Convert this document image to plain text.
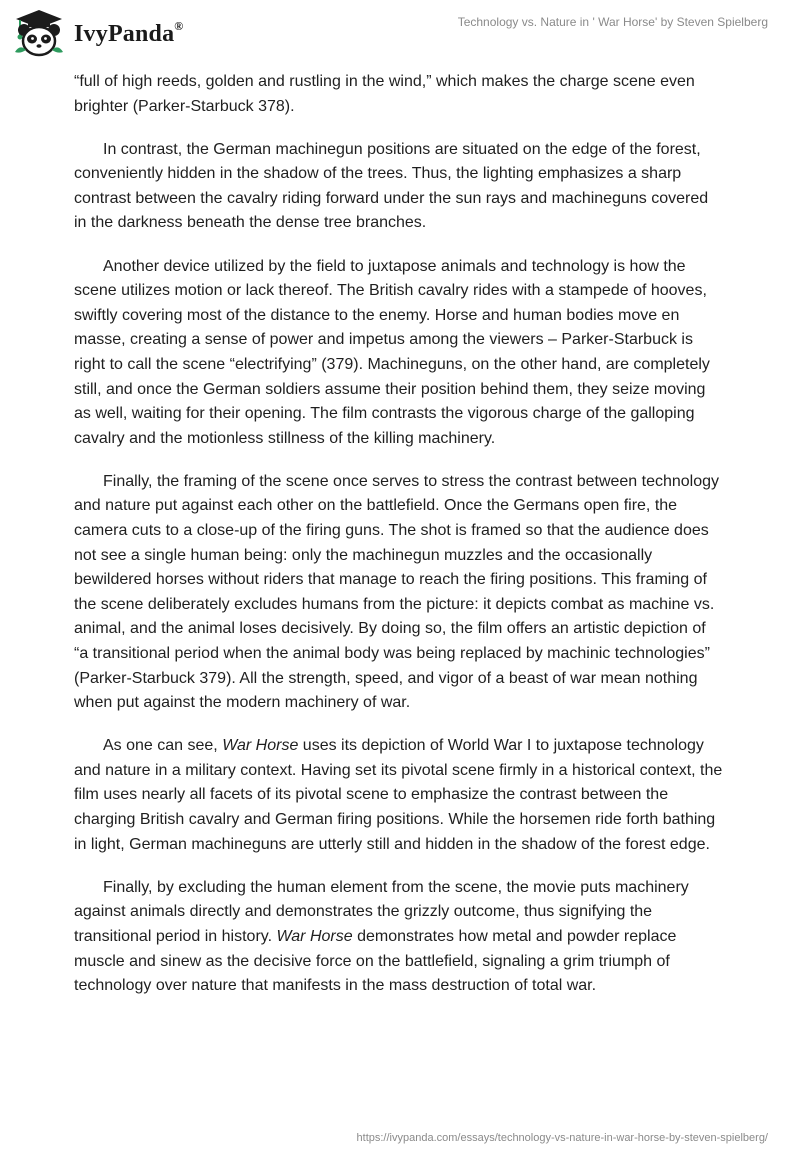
IvyPanda®	Technology vs. Nature in ' War Horse' by Steven Spielberg

“full of high reeds, golden and rustling in the wind,” which makes the charge scene even brighter (Parker-Starbuck 378).

In contrast, the German machinegun positions are situated on the edge of the forest, conveniently hidden in the shadow of the trees. Thus, the lighting emphasizes a sharp contrast between the cavalry riding forward under the sun rays and machineguns covered in the darkness beneath the dense tree branches.

Another device utilized by the field to juxtapose animals and technology is how the scene utilizes motion or lack thereof. The British cavalry rides with a stampede of hooves, swiftly covering most of the distance to the enemy. Horse and human bodies move en masse, creating a sense of power and impetus among the viewers – Parker-Starbuck is right to call the scene “electrifying” (379). Machineguns, on the other hand, are completely still, and once the German soldiers assume their position behind them, they seize moving as well, waiting for their opening. The film contrasts the vigorous charge of the galloping cavalry and the motionless stillness of the killing machinery.

Finally, the framing of the scene once serves to stress the contrast between technology and nature put against each other on the battlefield. Once the Germans open fire, the camera cuts to a close-up of the firing guns. The shot is framed so that the audience does not see a single human being: only the machinegun muzzles and the occasionally bewildered horses without riders that manage to reach the firing positions. This framing of the scene deliberately excludes humans from the picture: it depicts combat as machine vs. animal, and the animal loses decisively. By doing so, the film offers an artistic depiction of “a transitional period when the animal body was being replaced by machinic technologies” (Parker-Starbuck 379). All the strength, speed, and vigor of a beast of war mean nothing when put against the modern machinery of war.

As one can see, War Horse uses its depiction of World War I to juxtapose technology and nature in a military context. Having set its pivotal scene firmly in a historical context, the film uses nearly all facets of its pivotal scene to emphasize the contrast between the charging British cavalry and German firing positions. While the horsemen ride forth bathing in light, German machineguns are utterly still and hidden in the shadow of the forest edge.

Finally, by excluding the human element from the scene, the movie puts machinery against animals directly and demonstrates the grizzly outcome, thus signifying the transitional period in history. War Horse demonstrates how metal and powder replace muscle and sinew as the decisive force on the battlefield, signaling a grim triumph of technology over nature that manifests in the mass destruction of total war.

https://ivypanda.com/essays/technology-vs-nature-in-war-horse-by-steven-spielberg/
